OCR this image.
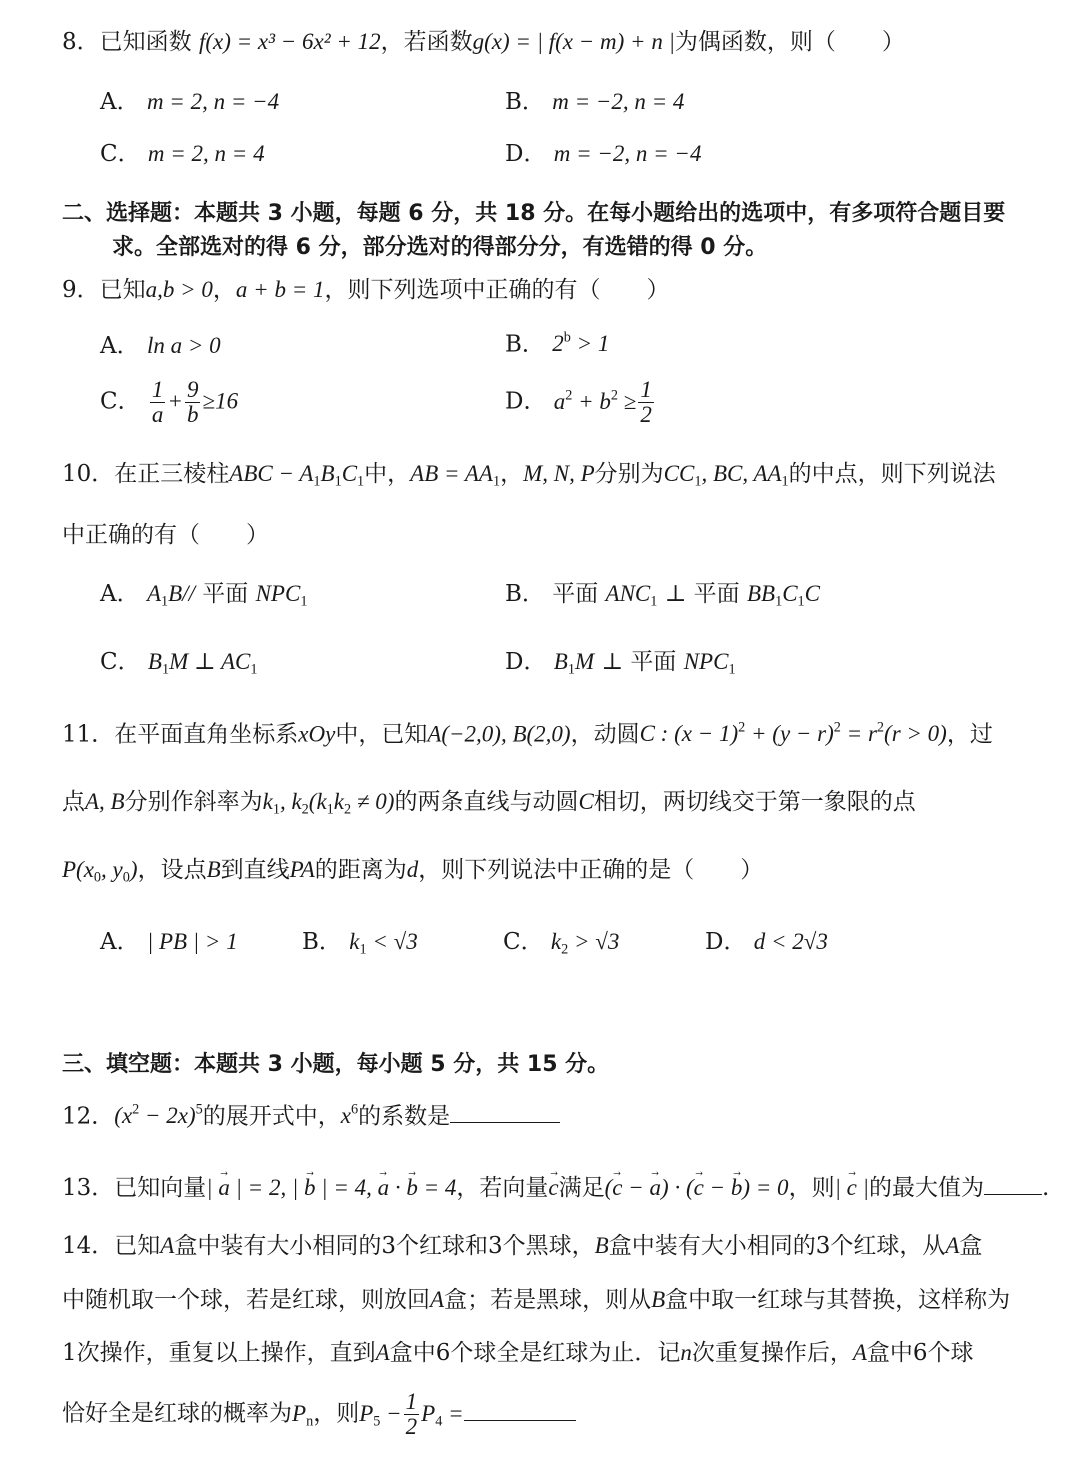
8．已知函数 f(x) = x³ − 6x² + 12，若函数g(x) = | f(x − m) + n |为偶函数，则（　　）
A． m = 2, n = −4	B． m = −2, n = 4
C． m = 2, n = 4	D． m = −2, n = −4
二、选择题：本题共 3 小题，每题 6 分，共 18 分。在每小题给出的选项中，有多项符合题目要
求。全部选对的得 6 分，部分选对的得部分分，有选错的得 0 分。
9．已知a,b > 0，a + b = 1，则下列选项中正确的有（　　）
A． ln a > 0	B． $2^b > 1$
C． $\frac{1}{a} + \frac{9}{b} \ge 16$	D． $a^2 + b^2 \ge \frac{1}{2}$
10．在正三棱柱ABC − $A_1B_1C_1$中，AB = $AA_1$，M, N, P分别为$CC_1$, BC, $AA_1$的中点，则下列说法
中正确的有（　　）
A． $A_1B//$ 平面 $NPC_1$	B． 平面 $ANC_1$ ⊥ 平面 $BB_1C_1C$
C． $B_1M$ ⊥ $AC_1$	D． $B_1M$ ⊥ 平面 $NPC_1$
11．在平面直角坐标系xOy中，已知A(−2,0), B(2,0)，动圆C : $(x - 1)^2 + (y - r)^2 = r^2(r > 0)$，过
点A, B分别作斜率为$k_1$, $k_2(k_1k_2 \ne 0)$的两条直线与动圆C相切，两切线交于第一象限的点
$P(x_0$, $y_0$)，设点B到直线PA的距离为d，则下列说法中正确的是（　　）
A． | PB | > 1	B． $k_1 < √3$	C． $k_2 > √3$	D． d < 2√3
三、填空题：本题共 3 小题，每小题 5 分，共 15 分。
12．$(x^2 - 2x)^5$的展开式中，$x^6$的系数是
13．已知向量| → a | = 2, | → b | = 4, → a · → b = 4，若向量→ c满足(→ c − → a) · (→ c − → b) = 0，则| → c |的最大值为	.
14．已知A盒中装有大小相同的3个红球和3个黑球，B盒中装有大小相同的3个红球，从A盒
中随机取一个球，若是红球，则放回A盒；若是黑球，则从B盒中取一红球与其替换，这样称为
1次操作，重复以上操作，直到A盒中6个球全是红球为止．记n次重复操作后，A盒中6个球
恰好全是红球的概率为$P_n$，则$P_5 - \frac{1}{2} P_4$ =
